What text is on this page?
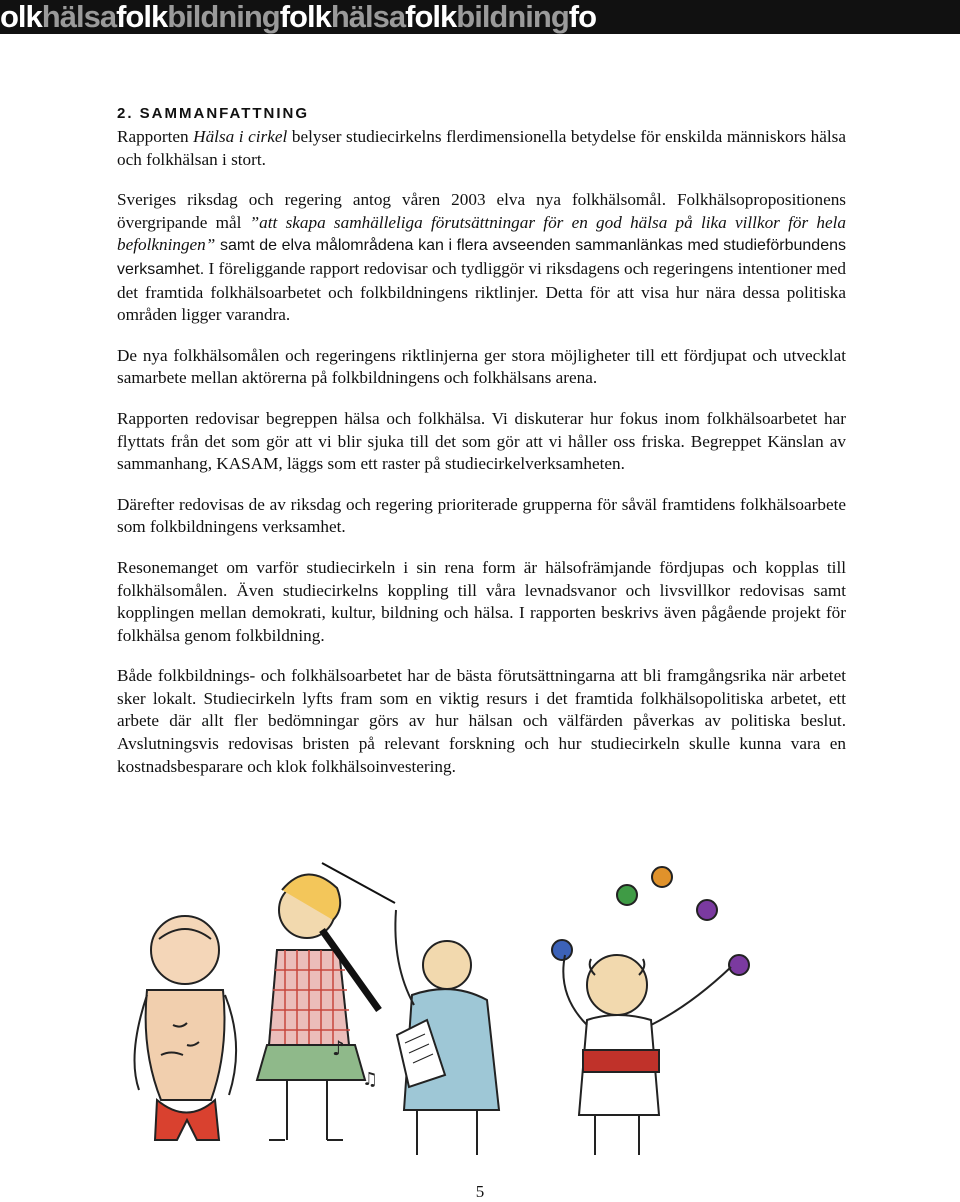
olkhälsafolkbildningfolkhälsafolkbildningfo
2. SAMMANFATTNING

Rapporten Hälsa i cirkel belyser studiecirkelns flerdimensionella betydelse för enskilda människors hälsa och folkhälsan i stort.

Sveriges riksdag och regering antog våren 2003 elva nya folkhälsomål. Folkhälsopropositionens övergripande mål ”att skapa samhälleliga förutsättningar för en god hälsa på lika villkor för hela befolkningen” samt de elva målområdena kan i flera avseenden sammanlänkas med studieförbundens verksamhet. I föreliggande rapport redovisar och tydliggör vi riksdagens och regeringens intentioner med det framtida folkhälsoarbetet och folkbildningens riktlinjer. Detta för att visa hur nära dessa politiska områden ligger varandra.

De nya folkhälsomålen och regeringens riktlinjerna ger stora möjligheter till ett fördjupat och utvecklat samarbete mellan aktörerna på folkbildningens och folkhälsans arena.

Rapporten redovisar begreppen hälsa och folkhälsa. Vi diskuterar hur fokus inom folkhälsoarbetet har flyttats från det som gör att vi blir sjuka till det som gör att vi håller oss friska. Begreppet Känslan av sammanhang, KASAM, läggs som ett raster på studiecirkelverksamheten.

Därefter redovisas de av riksdag och regering prioriterade grupperna för såväl framtidens folkhälsoarbete som folkbildningens verksamhet.

Resonemanget om varför studiecirkeln i sin rena form är hälsofrämjande fördjupas och kopplas till folkhälsomålen. Även studiecirkelns koppling till våra levnadsvanor och livsvillkor redovisas samt kopplingen mellan demokrati, kultur, bildning och hälsa. I rapporten beskrivs även pågående projekt för folkhälsa genom folkbildning.

Både folkbildnings- och folkhälsoarbetet har de bästa förutsättningarna att bli framgångsrika när arbetet sker lokalt. Studiecirkeln lyfts fram som en viktig resurs i det framtida folkhälsopolitiska arbetet, ett arbete där allt fler bedömningar görs av hur hälsan och välfärden påverkas av politiska beslut. Avslutningsvis redovisas bristen på relevant forskning och hur studiecirkeln skulle kunna vara en kostnadsbesparare och klok folkhälsoinvestering.

♪
♫
5
